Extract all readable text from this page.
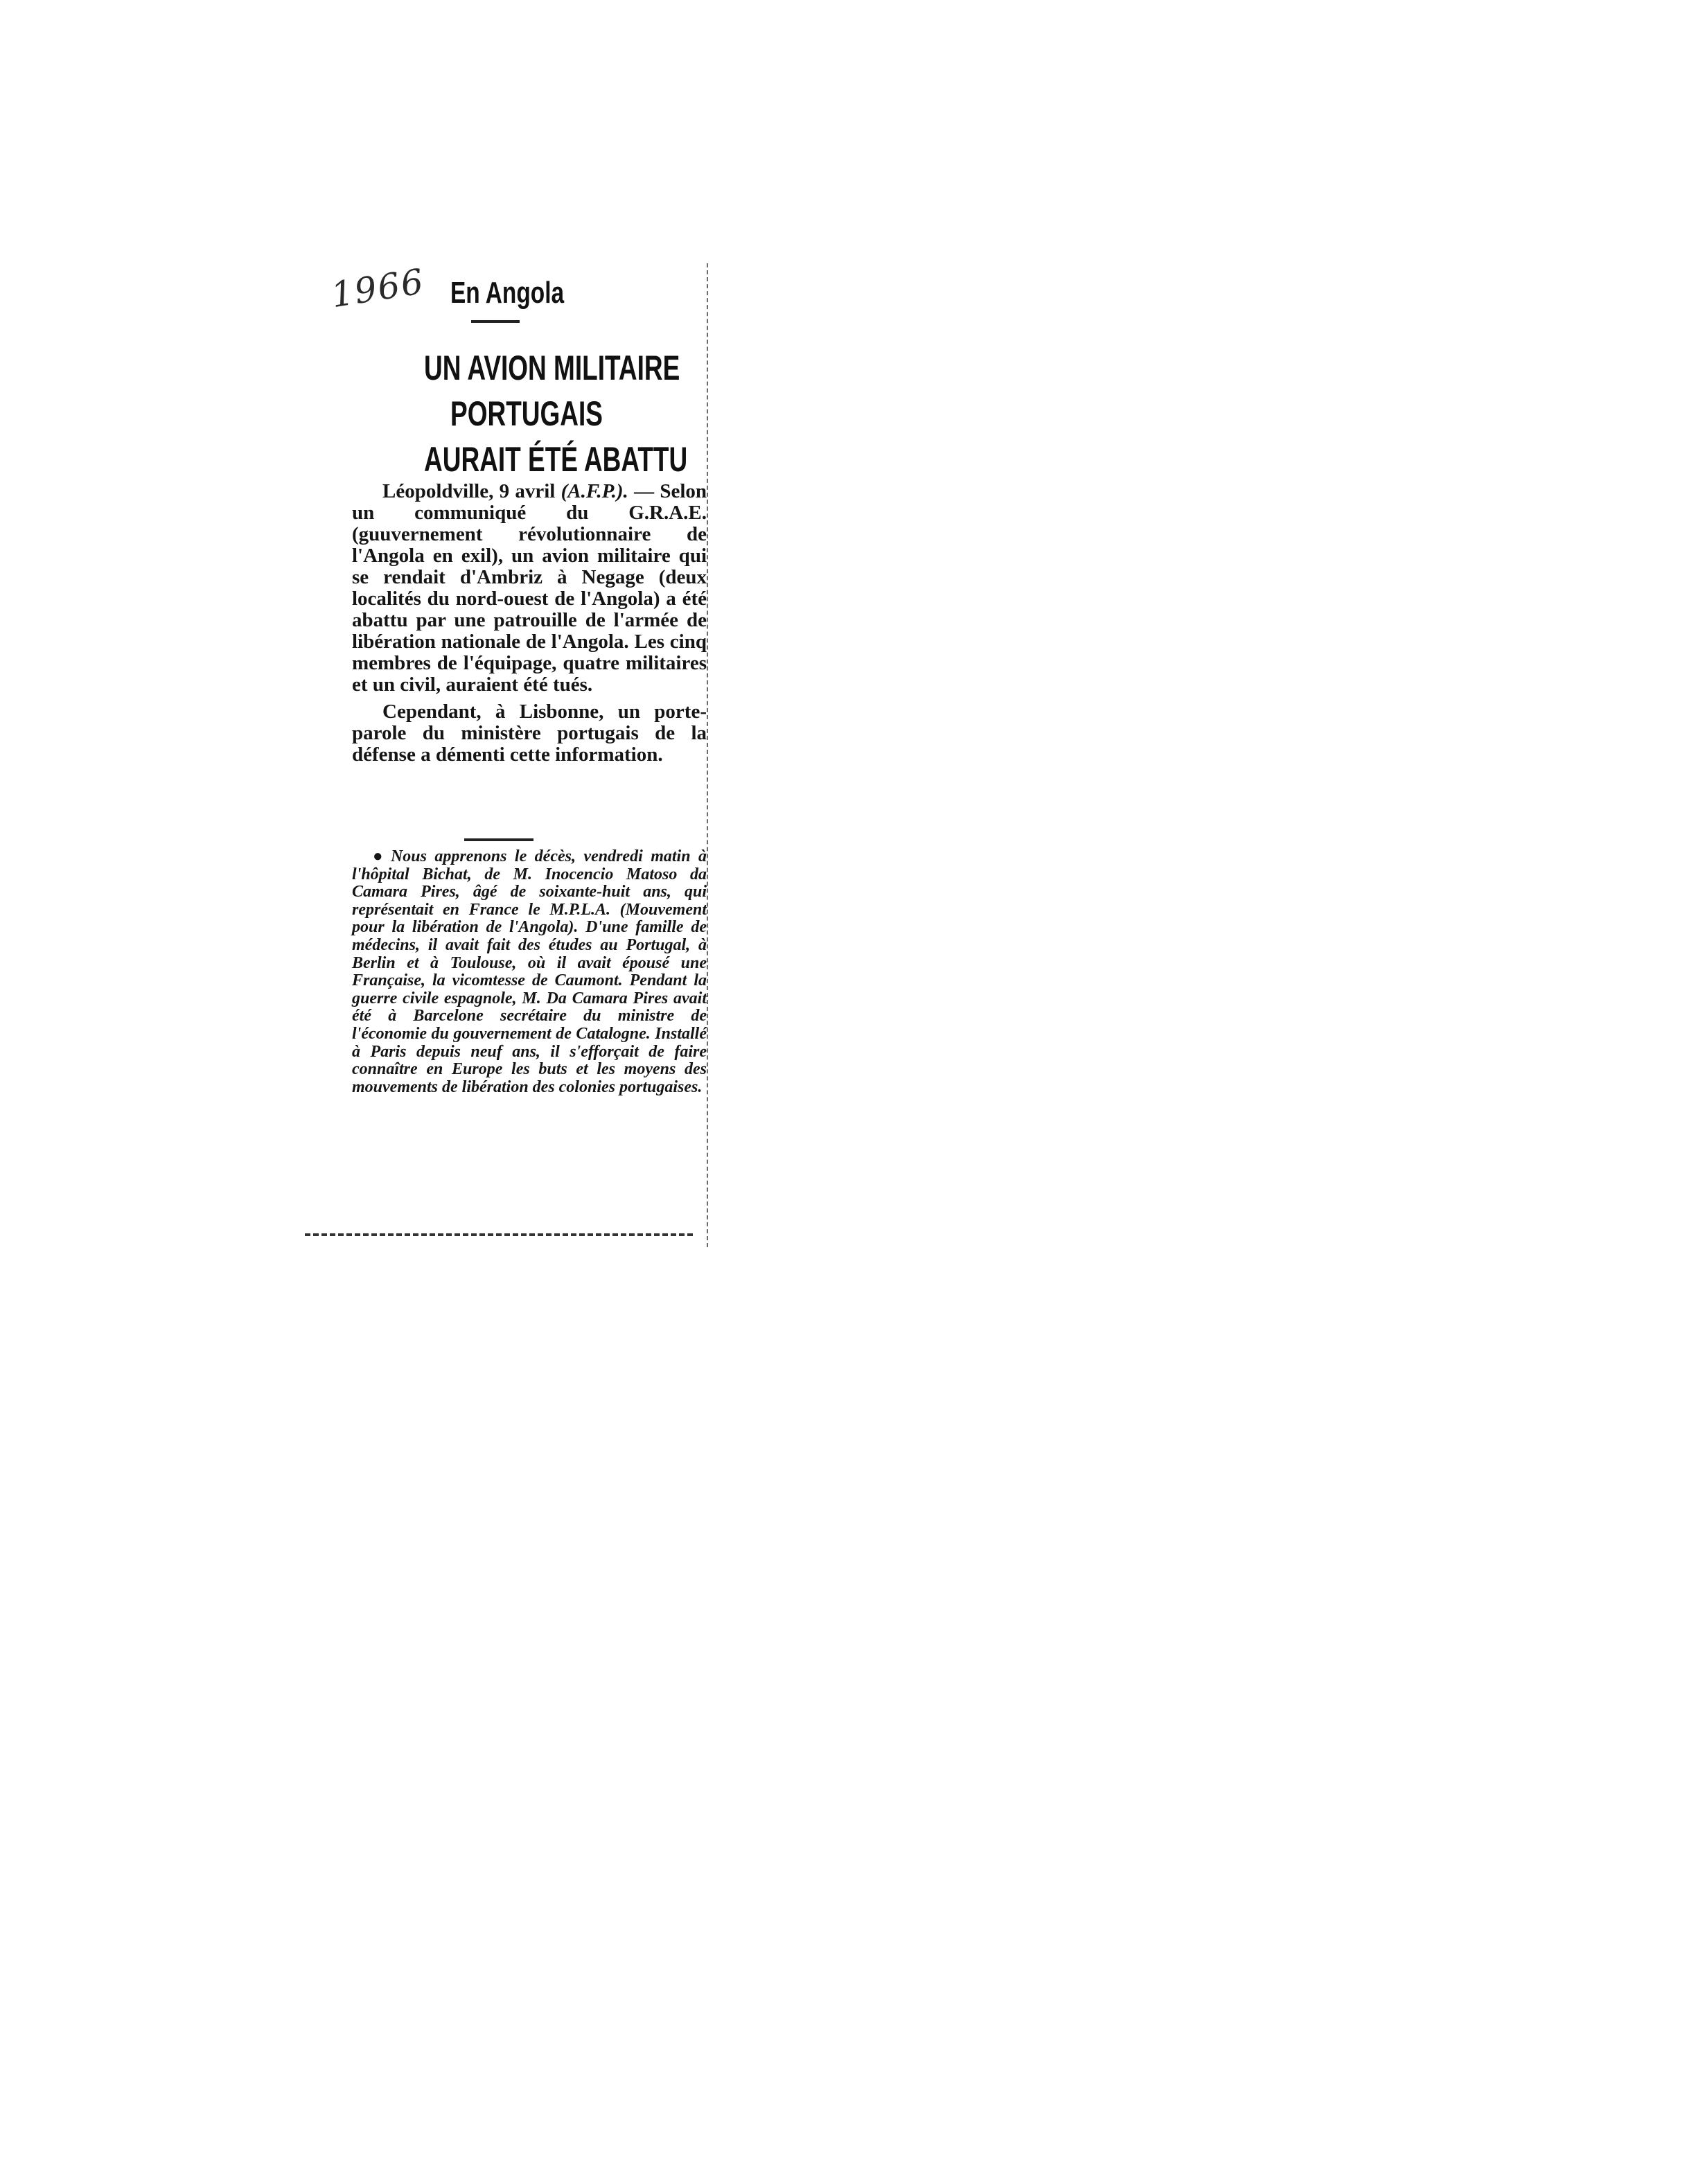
1966 En Angola
UN AVION MILITAIRE
PORTUGAIS
AURAIT ÉTÉ ABATTU

Léopoldville, 9 avril (A.F.P.). — Selon un communiqué du G.R.A.E. (guuvernement révolutionnaire de l'Angola en exil), un avion militaire qui se rendait d'Ambriz à Negage (deux localités du nord-ouest de l'Angola) a été abattu par une patrouille de l'armée de libération nationale de l'Angola. Les cinq membres de l'équipage, quatre militaires et un civil, auraient été tués.

Cependant, à Lisbonne, un porte-parole du ministère portugais de la défense a démenti cette information.

● Nous apprenons le décès, vendredi matin à l'hôpital Bichat, de M. Inocencio Matoso da Camara Pires, âgé de soixante-huit ans, qui représentait en France le M.P.L.A. (Mouvement pour la libération de l'Angola). D'une famille de médecins, il avait fait des études au Portugal, à Berlin et à Toulouse, où il avait épousé une Française, la vicomtesse de Caumont. Pendant la guerre civile espagnole, M. Da Camara Pires avait été à Barcelone secrétaire du ministre de l'économie du gouvernement de Catalogne. Installé à Paris depuis neuf ans, il s'efforçait de faire connaître en Europe les buts et les moyens des mouvements de libération des colonies portugaises.
